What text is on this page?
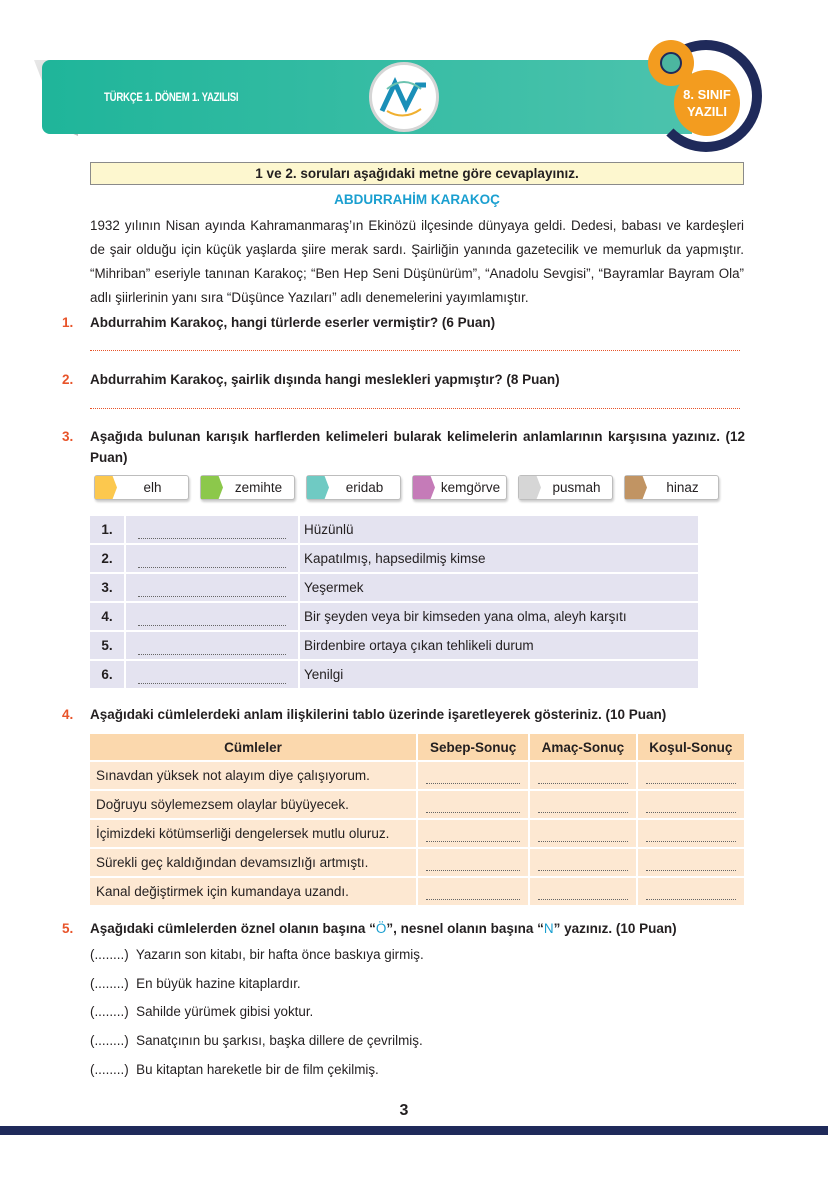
TÜRKÇE 1. DÖNEM 1. YAZILISI	8. SINIF
YAZILI
1 ve 2. soruları aşağıdaki metne göre cevaplayınız.
ABDURRAHİM KARAKOÇ
1932 yılının Nisan ayında Kahramanmaraş’ın Ekinözü ilçesinde dünyaya geldi. Dedesi, babası ve kardeşleri de şair olduğu için küçük yaşlarda şiire merak sardı. Şairliğin yanında gazetecilik ve memurluk da yapmıştır. “Mihriban” eseriyle tanınan Karakoç; “Ben Hep Seni Düşünürüm”, “Anadolu Sevgisi”, “Bayramlar Bayram Ola” adlı şiirlerinin yanı sıra “Düşünce Yazıları” adlı denemelerini yayımlamıştır.
1.	Abdurrahim Karakoç, hangi türlerde eserler vermiştir? (6 Puan)
2.	Abdurrahim Karakoç, şairlik dışında hangi meslekleri yapmıştır? (8 Puan)
3.	Aşağıda bulunan karışık harflerden kelimeleri bularak kelimelerin anlamlarının karşısına yazınız. (12 Puan)
elh	zemihte	eridab	kemgörve	pusmah	hinaz
1.		Hüzünlü
2.		Kapatılmış, hapsedilmiş kimse
3.		Yeşermek
4.		Bir şeyden veya bir kimseden yana olma, aleyh karşıtı
5.		Birdenbire ortaya çıkan tehlikeli durum
6.		Yenilgi
4.	Aşağıdaki cümlelerdeki anlam ilişkilerini tablo üzerinde işaretleyerek gösteriniz. (10 Puan)
Cümleler	Sebep-Sonuç	Amaç-Sonuç	Koşul-Sonuç
Sınavdan yüksek not alayım diye çalışıyorum.	

Doğruyu söylemezsem olaylar büyüyecek.	

İçimizdeki kötümserliği dengelersek mutlu oluruz.	

Sürekli geç kaldığından devamsızlığı artmıştı.	

Kanal değiştirmek için kumandaya uzandı.	

5.	Aşağıdaki cümlelerden öznel olanın başına “Ö”, nesnel olanın başına “N” yazınız. (10 Puan)
(........) Yazarın son kitabı, bir hafta önce baskıya girmiş.
(........) En büyük hazine kitaplardır.
(........) Sahilde yürümek gibisi yoktur.
(........) Sanatçının bu şarkısı, başka dillere de çevrilmiş.
(........) Bu kitaptan hareketle bir de film çekilmiş.
3
